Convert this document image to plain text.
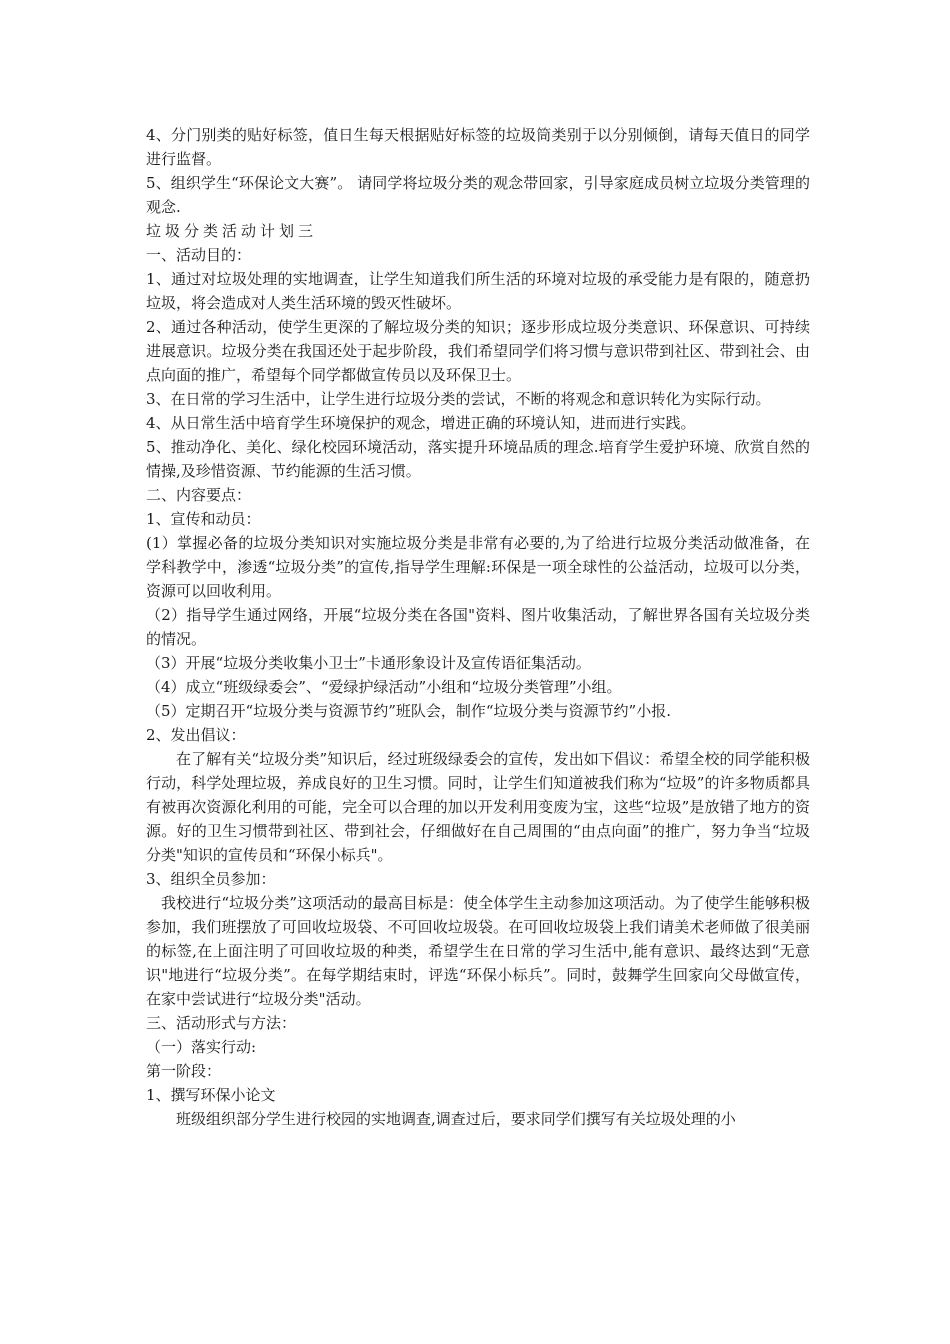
4、分门别类的贴好标签，值日生每天根据贴好标签的垃圾筒类别于以分别倾倒，请每天值日的同学进行监督。

5、组织学生“环保论文大赛”。 请同学将垃圾分类的观念带回家，引导家庭成员树立垃圾分类管理的观念.

垃圾分类活动计划三

一、活动目的：

1、通过对垃圾处理的实地调查，让学生知道我们所生活的环境对垃圾的承受能力是有限的，随意扔垃圾，将会造成对人类生活环境的毁灭性破坏。

2、通过各种活动，使学生更深的了解垃圾分类的知识；逐步形成垃圾分类意识、环保意识、可持续进展意识。垃圾分类在我国还处于起步阶段，我们希望同学们将习惯与意识带到社区、带到社会、由点向面的推广，希望每个同学都做宣传员以及环保卫士。

3、在日常的学习生活中，让学生进行垃圾分类的尝试，不断的将观念和意识转化为实际行动。

4、从日常生活中培育学生环境保护的观念，增进正确的环境认知，进而进行实践。

5、推动净化、美化、绿化校园环境活动，落实提升环境品质的理念.培育学生爱护环境、欣赏自然的情操,及珍惜资源、节约能源的生活习惯。

二、内容要点：

1、宣传和动员：

(1）掌握必备的垃圾分类知识对实施垃圾分类是非常有必要的,为了给进行垃圾分类活动做准备，在学科教学中，渗透“垃圾分类”的宣传,指导学生理解:环保是一项全球性的公益活动，垃圾可以分类，资源可以回收利用。

（2）指导学生通过网络，开展“垃圾分类在各国"资料、图片收集活动，了解世界各国有关垃圾分类的情况。

（3）开展“垃圾分类收集小卫士”卡通形象设计及宣传语征集活动。

（4）成立“班级绿委会”、“爱绿护绿活动”小组和“垃圾分类管理”小组。

（5）定期召开“垃圾分类与资源节约”班队会，制作“垃圾分类与资源节约”小报.

2、发出倡议：

在了解有关“垃圾分类”知识后，经过班级绿委会的宣传，发出如下倡议：希望全校的同学能积极行动，科学处理垃圾，养成良好的卫生习惯。同时，让学生们知道被我们称为“垃圾”的许多物质都具有被再次资源化利用的可能，完全可以合理的加以开发利用变废为宝，这些“垃圾”是放错了地方的资源。好的卫生习惯带到社区、带到社会，仔细做好在自己周围的“由点向面”的推广，努力争当“垃圾分类"知识的宣传员和“环保小标兵"。

3、组织全员参加：

我校进行“垃圾分类”这项活动的最高目标是：使全体学生主动参加这项活动。为了使学生能够积极参加，我们班摆放了可回收垃圾袋、不可回收垃圾袋。在可回收垃圾袋上我们请美术老师做了很美丽的标签,在上面注明了可回收垃圾的种类，希望学生在日常的学习生活中,能有意识、最终达到“无意识"地进行“垃圾分类”。在每学期结束时，评选“环保小标兵”。同时，鼓舞学生回家向父母做宣传，在家中尝试进行“垃圾分类"活动。

三、活动形式与方法：

（一）落实行动:

第一阶段：

1、撰写环保小论文

班级组织部分学生进行校园的实地调查,调查过后，要求同学们撰写有关垃圾处理的小
